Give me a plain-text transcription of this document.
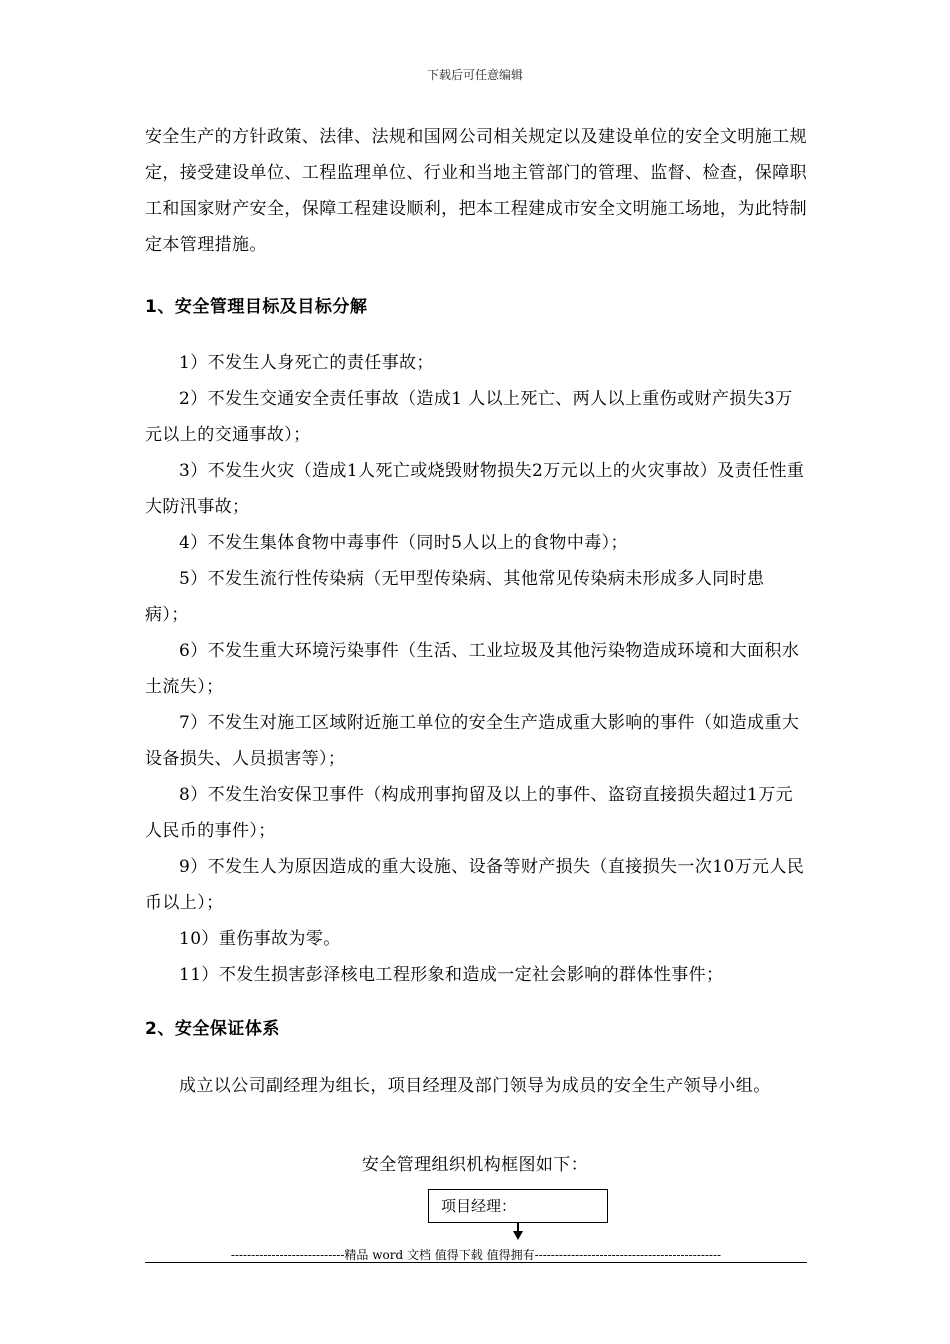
下载后可任意编辑
安全生产的方针政策、法律、法规和国网公司相关规定以及建设单位的安全文明施工规定，接受建设单位、工程监理单位、行业和当地主管部门的管理、监督、检查，保障职工和国家财产安全，保障工程建设顺利，把本工程建成市安全文明施工场地，为此特制定本管理措施。
1、安全管理目标及目标分解

1）不发生人身死亡的责任事故；

2）不发生交通安全责任事故（造成1 人以上死亡、两人以上重伤或财产损失3万元以上的交通事故）；

3）不发生火灾（造成1人死亡或烧毁财物损失2万元以上的火灾事故）及责任性重大防汛事故；

4）不发生集体食物中毒事件（同时5人以上的食物中毒）；

5）不发生流行性传染病（无甲型传染病、其他常见传染病未形成多人同时患病）；

6）不发生重大环境污染事件（生活、工业垃圾及其他污染物造成环境和大面积水土流失）；

7）不发生对施工区域附近施工单位的安全生产造成重大影响的事件（如造成重大设备损失、人员损害等）；

8）不发生治安保卫事件（构成刑事拘留及以上的事件、盗窃直接损失超过1万元人民币的事件）；

9）不发生人为原因造成的重大设施、设备等财产损失（直接损失一次10万元人民币以上）；

10）重伤事故为零。

11）不发生损害彭泽核电工程形象和造成一定社会影响的群体性事件；

2、安全保证体系

成立以公司副经理为组长，项目经理及部门领导为成员的安全生产领导小组。

安全管理组织机构框图如下：
项目经理：
----------------------------精品 word 文档 值得下载 值得拥有----------------------------------------------
